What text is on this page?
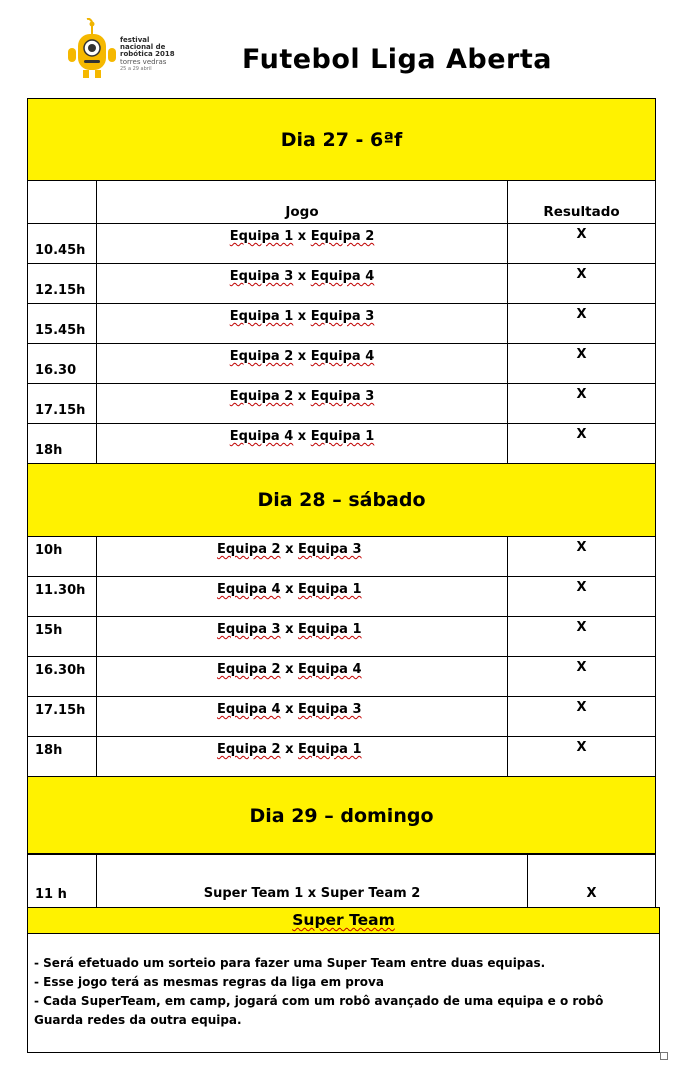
festival
nacional de
robótica 2018
torres vedras
25 a 29 abril	Futebol Liga Aberta
Dia 27 - 6ªf		
	Jogo	Resultado
10.45h	Equipa 1 x Equipa 2	X
12.15h	Equipa 3 x Equipa 4	X
15.45h	Equipa 1 x Equipa 3	X
16.30	Equipa 2 x Equipa 4	X
17.15h	Equipa 2 x Equipa 3	X
18h	Equipa 4 x Equipa 1	X
Dia 28 – sábado		
10h	Equipa 2 x Equipa 3	X
11.30h	Equipa 4 x Equipa 1	X
15h	Equipa 3 x Equipa 1	X
16.30h	Equipa 2 x Equipa 4	X
17.15h	Equipa 4 x Equipa 3	X
18h	Equipa 2 x Equipa 1	X
Dia 29 – domingo		
11 h	Super Team 1 x Super Team 2	X
Super Team

- Será efetuado um sorteio para fazer uma Super Team entre duas equipas.

- Esse jogo terá as mesmas regras da liga em prova

- Cada SuperTeam, em camp, jogará com um robô avançado de uma equipa e o robô Guarda redes da outra equipa.
